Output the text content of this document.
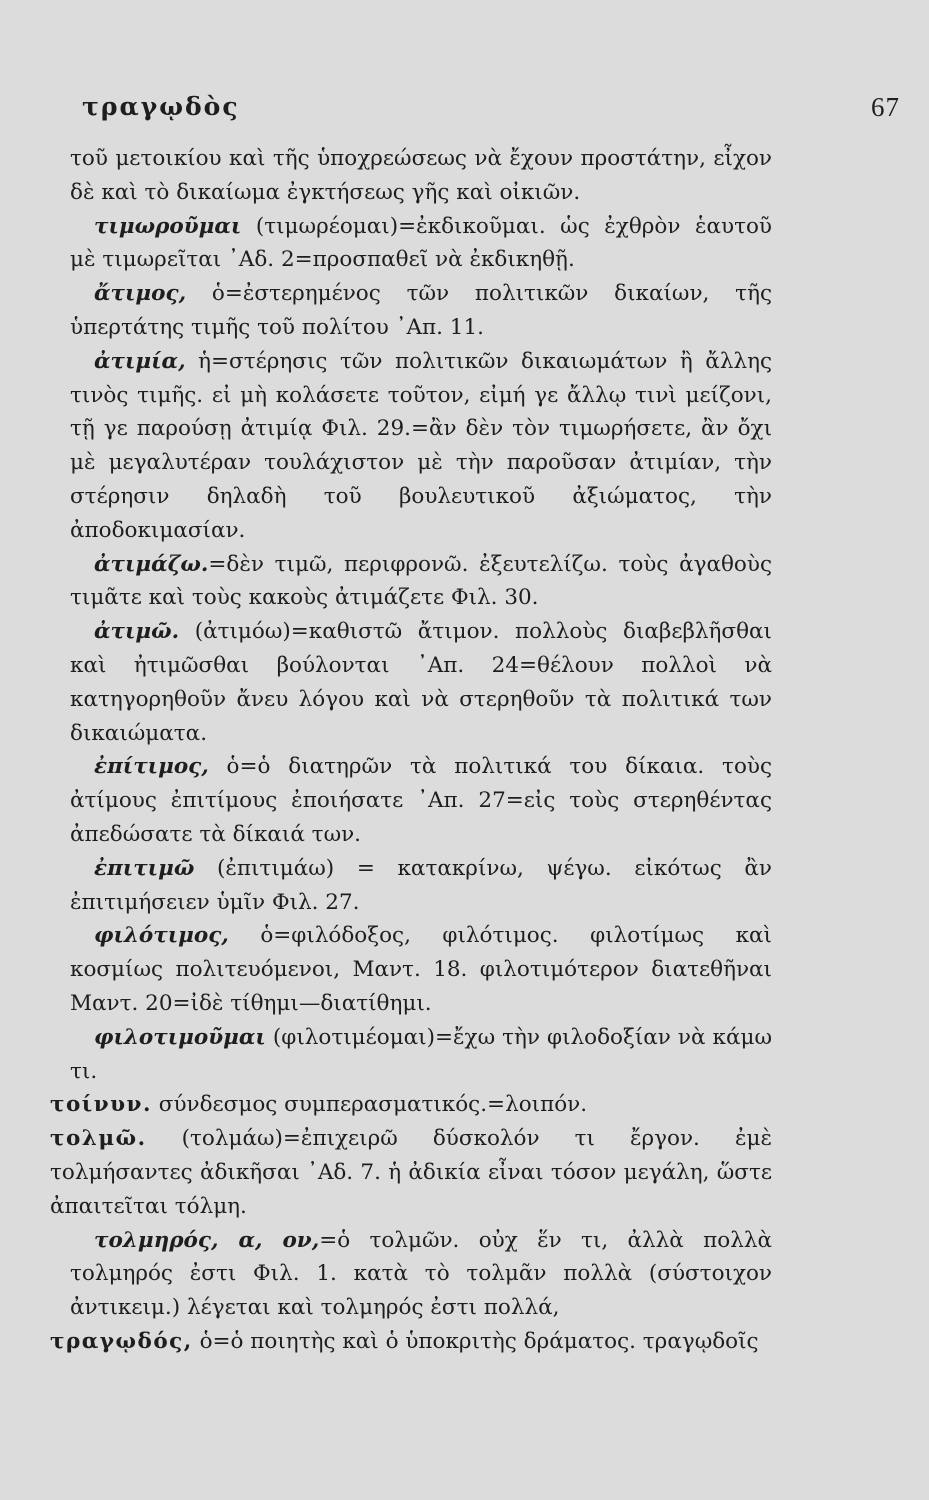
τραγῳδὸς	67

τοῦ μετοικίου καὶ τῆς ὑποχρεώσεως νὰ ἔχουν προστάτην, εἶχον δὲ καὶ τὸ δικαίωμα ἐγκτήσεως γῆς καὶ οἰκιῶν.

τιμωροῦμαι (τιμωρέομαι)=ἐκδικοῦμαι. ὡς ἐχθρὸν ἑαυτοῦ μὲ τιμωρεῖται ᾿Αδ. 2=προσπαθεῖ νὰ ἐκδικηθῇ.

ἄτιμος, ὁ=ἐστερημένος τῶν πολιτικῶν δικαίων, τῆς ὑπερτάτης τιμῆς τοῦ πολίτου ᾿Απ. 11.

ἀτιμία, ἡ=στέρησις τῶν πολιτικῶν δικαιωμάτων ἢ ἄλλης τινὸς τιμῆς. εἰ μὴ κολάσετε τοῦτον, εἰμή γε ἄλλῳ τινὶ μείζονι, τῇ γε παρούσῃ ἀτιμίᾳ Φιλ. 29.=ἂν δὲν τὸν τιμωρήσετε, ἂν ὄχι μὲ μεγαλυτέραν τουλάχιστον μὲ τὴν παροῦσαν ἀτιμίαν, τὴν στέρησιν δηλαδὴ τοῦ βουλευτικοῦ ἀξιώματος, τὴν ἀποδοκιμασίαν.

ἀτιμάζω.=δὲν τιμῶ, περιφρονῶ. ἐξευτελίζω. τοὺς ἀγαθοὺς τιμᾶτε καὶ τοὺς κακοὺς ἀτιμάζετε Φιλ. 30.

ἀτιμῶ. (ἀτιμόω)=καθιστῶ ἄτιμον. πολλοὺς διαβεβλῆσθαι καὶ ἠτιμῶσθαι βούλονται ᾿Απ. 24=θέλουν πολλοὶ νὰ κατηγορηθοῦν ἄνευ λόγου καὶ νὰ στερηθοῦν τὰ πολιτικά των δικαιώματα.

ἐπίτιμος, ὁ=ὁ διατηρῶν τὰ πολιτικά του δίκαια. τοὺς ἀτίμους ἐπιτίμους ἐποιήσατε ᾿Απ. 27=εἰς τοὺς στερηθέντας ἀπεδώσατε τὰ δίκαιά των.

ἐπιτιμῶ (ἐπιτιμάω) = κατακρίνω, ψέγω. εἰκότως ἂν ἐπιτιμήσειεν ὑμῖν Φιλ. 27.

φιλότιμος, ὁ=φιλόδοξος, φιλότιμος. φιλοτίμως καὶ κοσμίως πολιτευόμενοι, Μαντ. 18. φιλοτιμότερον διατεθῆναι Μαντ. 20=ἰδὲ τίθημι—διατίθημι.

φιλοτιμοῦμαι (φιλοτιμέομαι)=ἔχω τὴν φιλοδοξίαν νὰ κάμω τι.

τοίνυν. σύνδεσμος συμπερασματικός.=λοιπόν.

τολμῶ. (τολμάω)=ἐπιχειρῶ δύσκολόν τι ἔργον. ἐμὲ τολμήσαντες ἀδικῆσαι ᾿Αδ. 7. ἡ ἀδικία εἶναι τόσον μεγάλη, ὥστε ἀπαιτεῖται τόλμη.

τολμηρός, α, ον,=ὁ τολμῶν. οὐχ ἕν τι, ἀλλὰ πολλὰ τολμηρός ἐστι Φιλ. 1. κατὰ τὸ τολμᾶν πολλὰ (σύστοιχον ἀντικειμ.) λέγεται καὶ τολμηρός ἐστι πολλά,

τραγῳδός, ὁ=ὁ ποιητὴς καὶ ὁ ὑποκριτὴς δράματος. τραγῳδοῖς
